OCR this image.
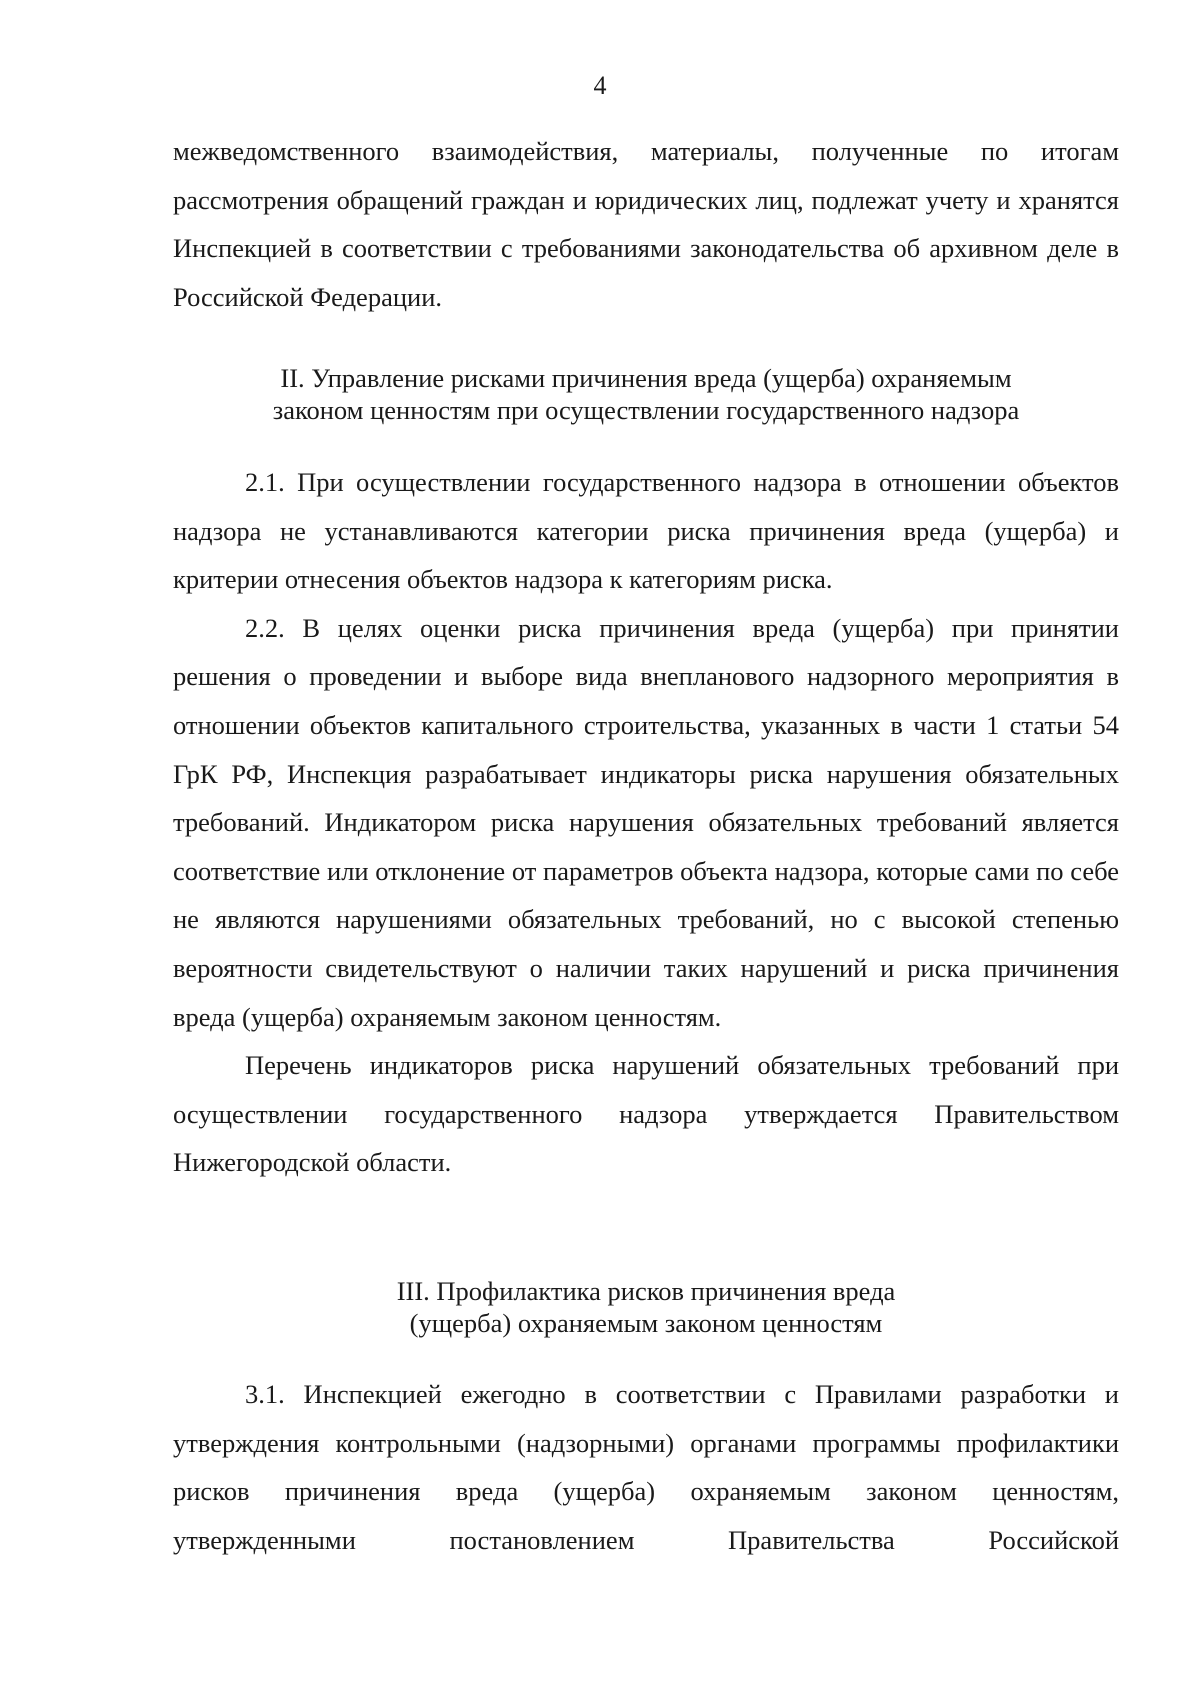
4

межведомственного взаимодействия, материалы, полученные по итогам рассмотрения обращений граждан и юридических лиц, подлежат учету и хранятся Инспекцией в соответствии с требованиями законодательства об архивном деле в Российской Федерации.

II. Управление рисками причинения вреда (ущерба) охраняемым
законом ценностям при осуществлении государственного надзора

2.1. При осуществлении государственного надзора в отношении объектов надзора не устанавливаются категории риска причинения вреда (ущерба) и критерии отнесения объектов надзора к категориям риска.

2.2. В целях оценки риска причинения вреда (ущерба) при принятии решения о проведении и выборе вида внепланового надзорного мероприятия в отношении объектов капитального строительства, указанных в части 1 статьи 54 ГрК РФ, Инспекция разрабатывает индикаторы риска нарушения обязательных требований. Индикатором риска нарушения обязательных требований является соответствие или отклонение от параметров объекта надзора, которые сами по себе не являются нарушениями обязательных требований, но с высокой степенью вероятности свидетельствуют о наличии таких нарушений и риска причинения вреда (ущерба) охраняемым законом ценностям.

Перечень индикаторов риска нарушений обязательных требований при осуществлении государственного надзора утверждается Правительством Нижегородской области.

III. Профилактика рисков причинения вреда
(ущерба) охраняемым законом ценностям

3.1. Инспекцией ежегодно в соответствии с Правилами разработки и утверждения контрольными (надзорными) органами программы профилактики рисков причинения вреда (ущерба) охраняемым законом ценностям, утвержденными постановлением Правительства Российской
